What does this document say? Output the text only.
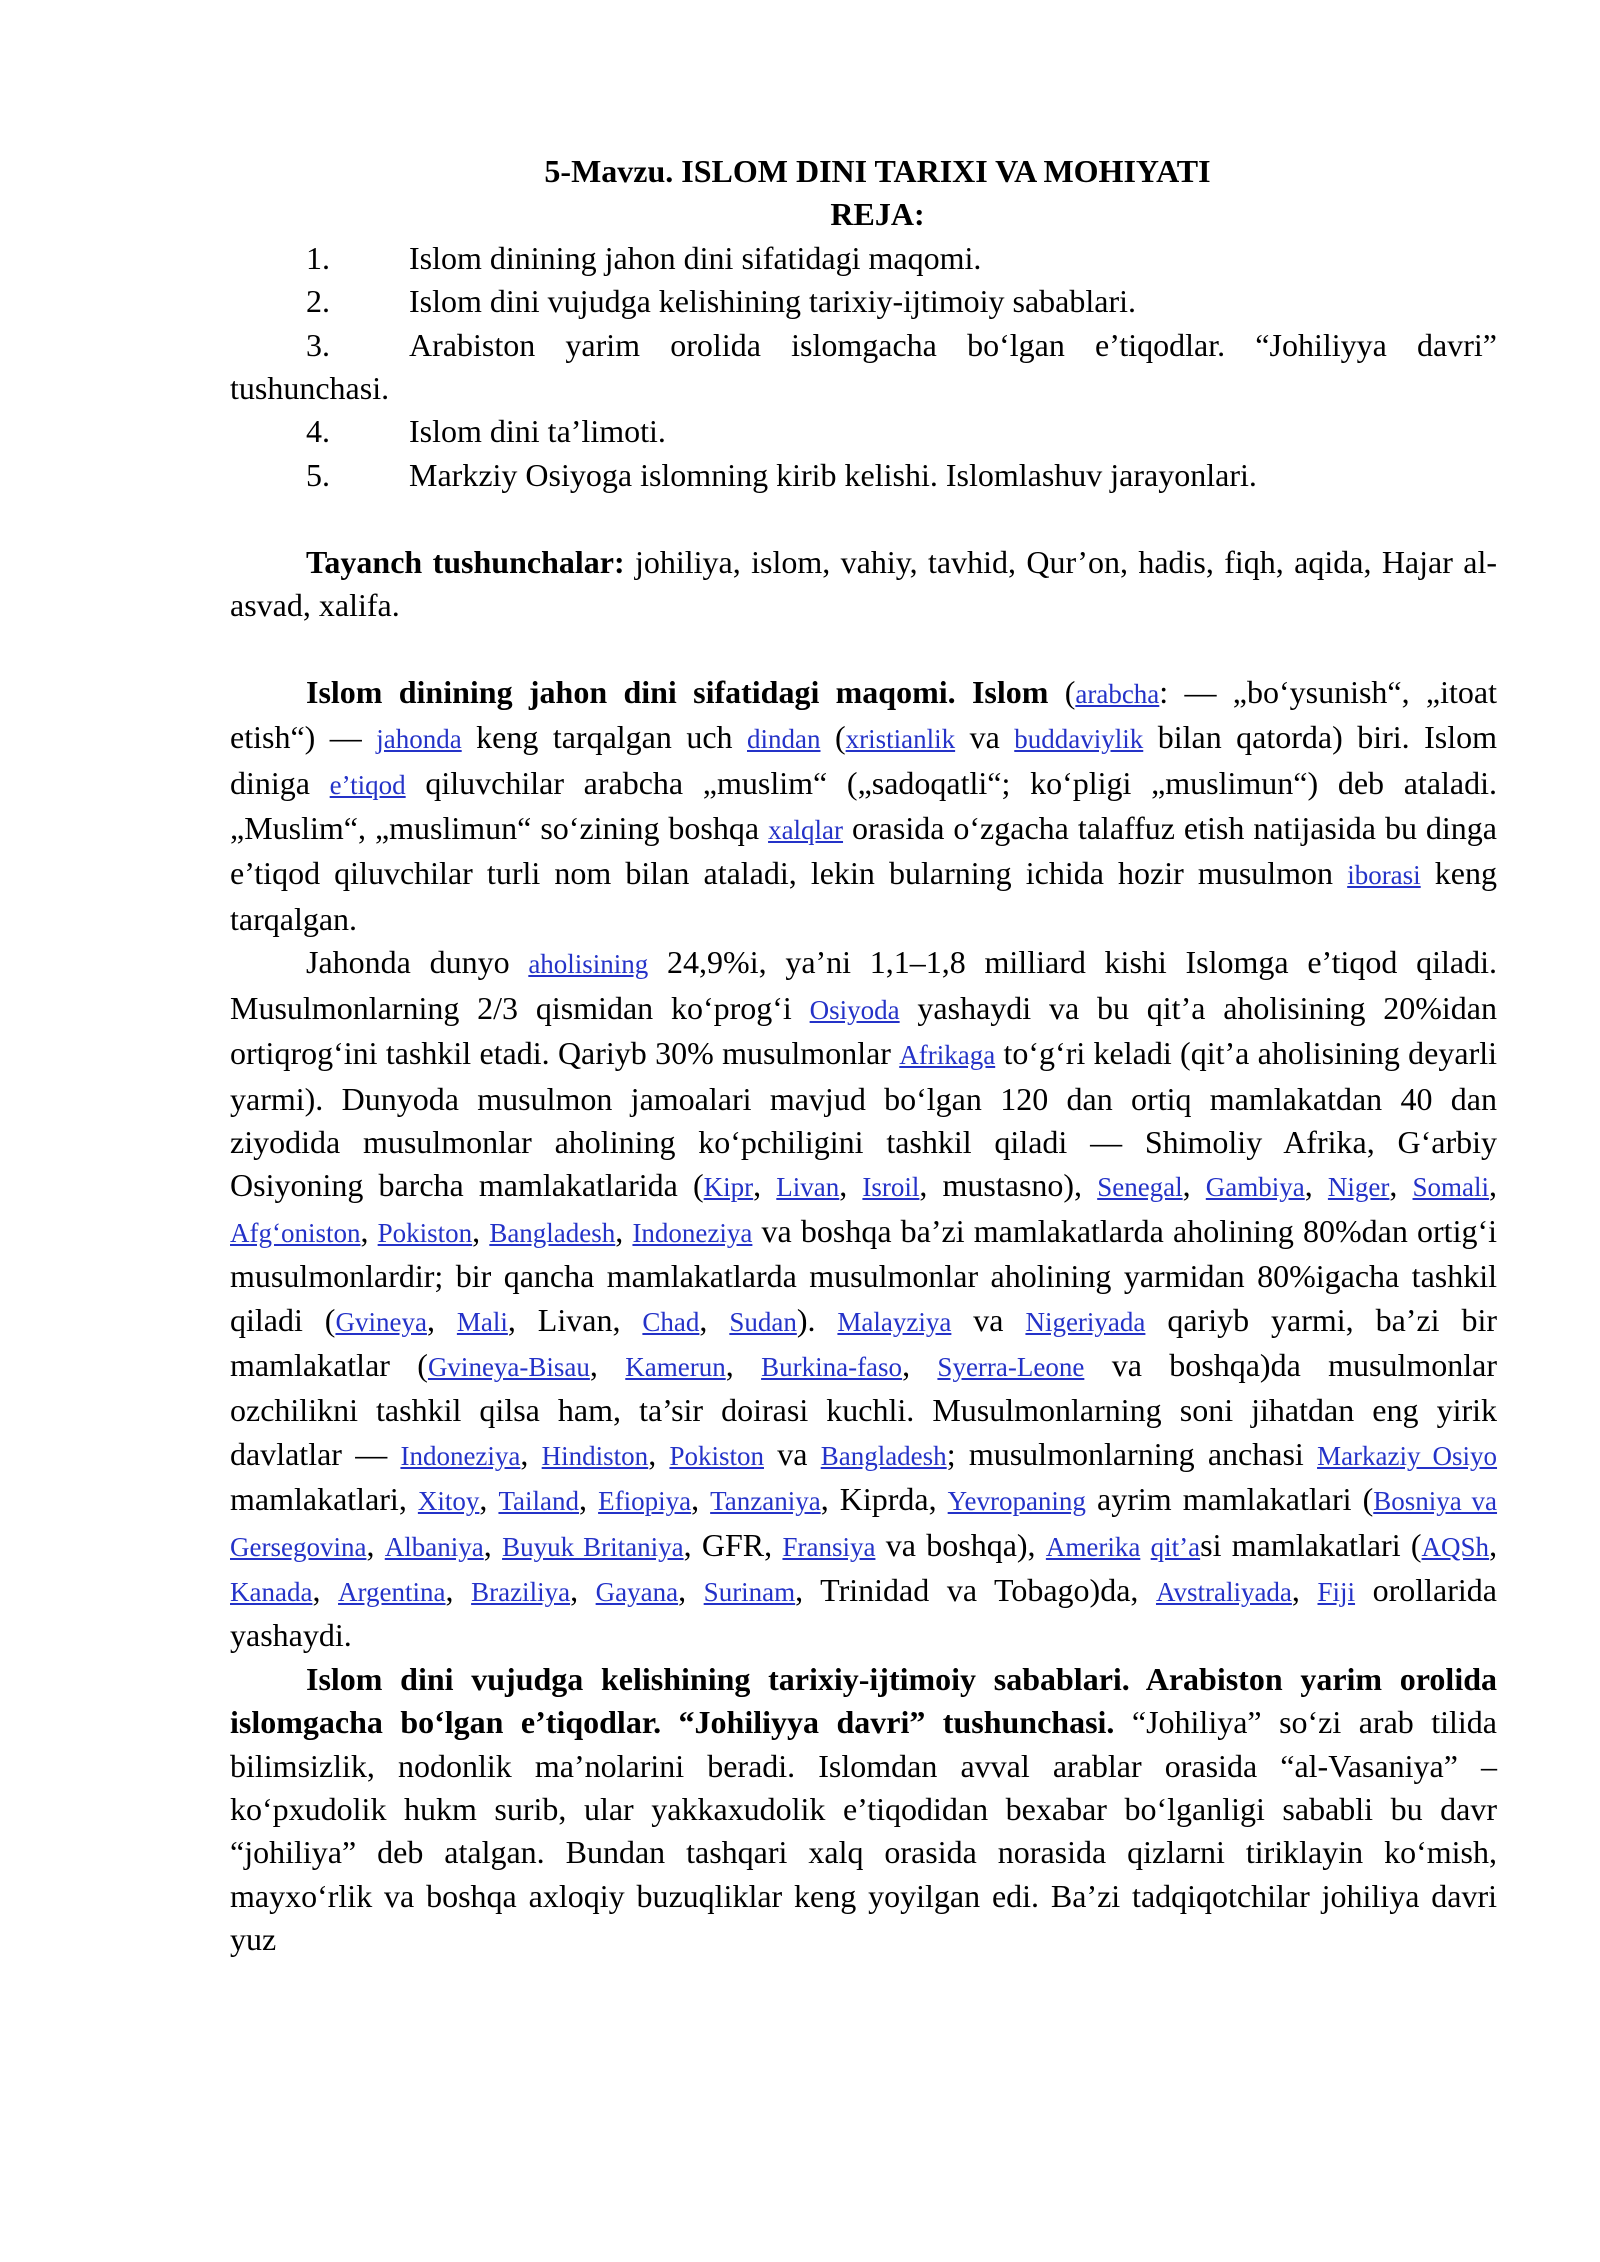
5-Mavzu. ISLOM DINI TARIXI VA MOHIYATI
REJA:
1. Islom dinining jahon dini sifatidagi maqomi.
2. Islom dini vujudga kelishining tarixiy-ijtimoiy sabablari.
3. Arabiston yarim orolida islomgacha bo‘lgan e’tiqodlar. “Johiliyya davri” tushunchasi.
4. Islom dini ta’limoti.
5. Markziy Osiyoga islomning kirib kelishi. Islomlashuv jarayonlari.

Tayanch tushunchalar: johiliya, islom, vahiy, tavhid, Qur’on, hadis, fiqh, aqida, Hajar al-asvad, xalifa.

Islom dinining jahon dini sifatidagi maqomi. Islom (arabcha: — „bo‘ysunish“, „itoat etish“) — jahonda keng tarqalgan uch dindan (xristianlik va buddaviylik bilan qatorda) biri. Islom diniga e’tiqod qiluvchilar arabcha „muslim“ („sadoqatli“; ko‘pligi „muslimun“) deb ataladi. „Muslim“, „muslimun“ so‘zining boshqa xalqlar orasida o‘zgacha talaffuz etish natijasida bu dinga e’tiqod qiluvchilar turli nom bilan ataladi, lekin bularning ichida hozir musulmon iborasi keng tarqalgan.

Jahonda dunyo aholisining 24,9%i, ya’ni 1,1–1,8 milliard kishi Islomga e’tiqod qiladi. Musulmonlarning 2/3 qismidan ko‘prog‘i Osiyoda yashaydi va bu qit’a aholisining 20%idan ortiqrog‘ini tashkil etadi. Qariyb 30% musulmonlar Afrikaga to‘g‘ri keladi (qit’a aholisining deyarli yarmi). Dunyoda musulmon jamoalari mavjud bo‘lgan 120 dan ortiq mamlakatdan 40 dan ziyodida musulmonlar aholining ko‘pchiligini tashkil qiladi — Shimoliy Afrika, G‘arbiy Osiyoning barcha mamlakatlarida (Kipr, Livan, Isroil, mustasno), Senegal, Gambiya, Niger, Somali, Afg‘oniston, Pokiston, Bangladesh, Indoneziya va boshqa ba’zi mamlakatlarda aholining 80%dan ortig‘i musulmonlardir; bir qancha mamlakatlarda musulmonlar aholining yarmidan 80%igacha tashkil qiladi (Gvineya, Mali, Livan, Chad, Sudan). Malayziya va Nigeriyada qariyb yarmi, ba’zi bir mamlakatlar (Gvineya-Bisau, Kamerun, Burkina-faso, Syerra-Leone va boshqa)da musulmonlar ozchilikni tashkil qilsa ham, ta’sir doirasi kuchli. Musulmonlarning soni jihatdan eng yirik davlatlar — Indoneziya, Hindiston, Pokiston va Bangladesh; musulmonlarning anchasi Markaziy Osiyo mamlakatlari, Xitoy, Tailand, Efiopiya, Tanzaniya, Kiprda, Yevropaning ayrim mamlakatlari (Bosniya va Gersegovina, Albaniya, Buyuk Britaniya, GFR, Fransiya va boshqa), Amerika qit’asi mamlakatlari (AQSh, Kanada, Argentina, Braziliya, Gayana, Surinam, Trinidad va Tobago)da, Avstraliyada, Fiji orollarida yashaydi.

Islom dini vujudga kelishining tarixiy-ijtimoiy sabablari. Arabiston yarim orolida islomgacha bo‘lgan e’tiqodlar. “Johiliyya davri” tushunchasi. “Johiliya” so‘zi arab tilida bilimsizlik, nodonlik ma’nolarini beradi. Islomdan avval arablar orasida “al-Vasaniya” – ko‘pxudolik hukm surib, ular yakkaxudolik e’tiqodidan bexabar bo‘lganligi sababli bu davr “johiliya” deb atalgan. Bundan tashqari xalq orasida norasida qizlarni tiriklayin ko‘mish, mayxo‘rlik va boshqa axloqiy buzuqliklar keng yoyilgan edi. Ba’zi tadqiqotchilar johiliya davri yuz
